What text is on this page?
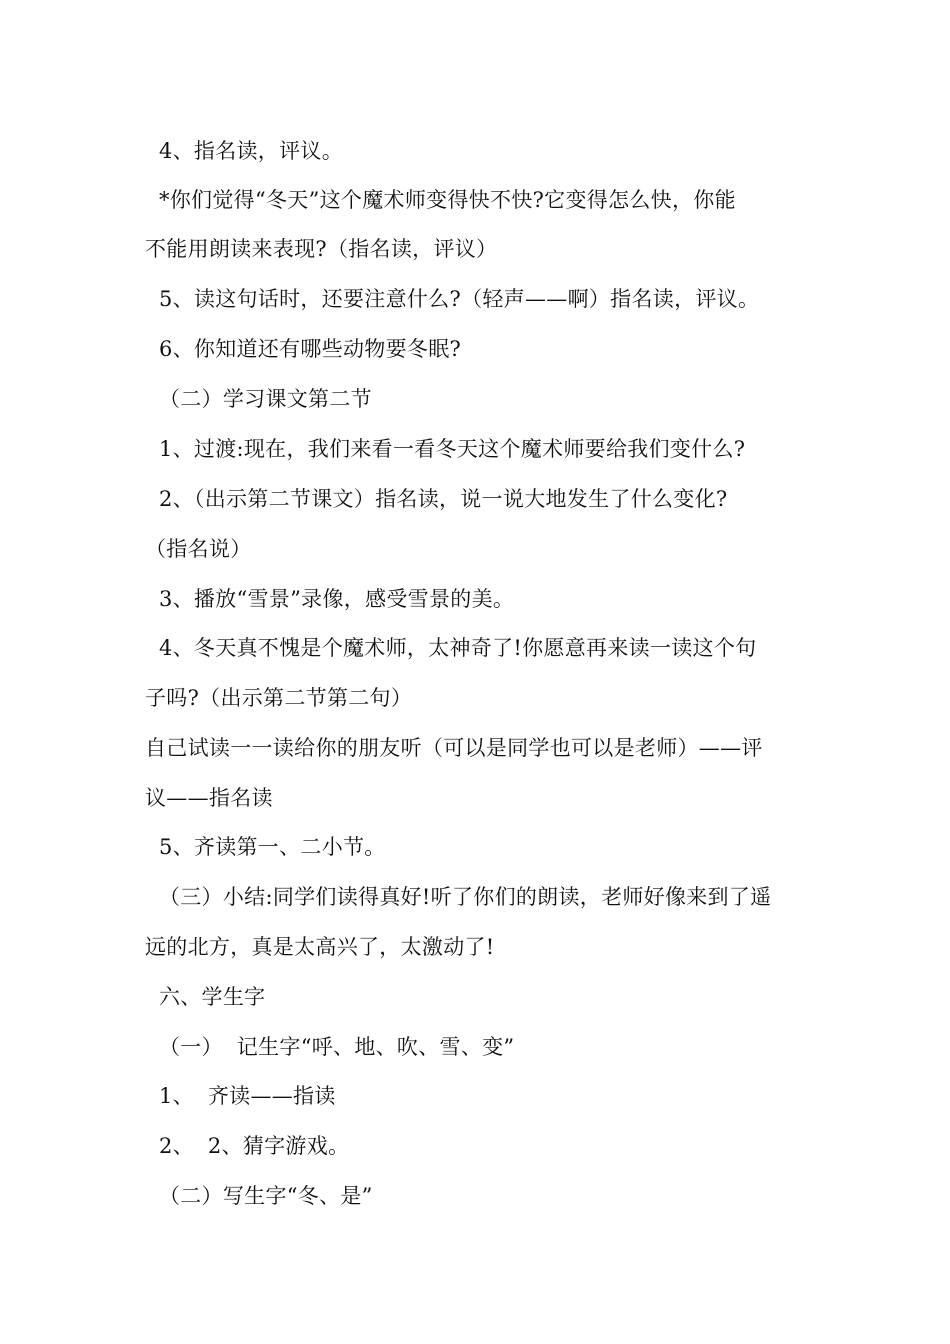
4、指名读，评议。
*你们觉得“冬天”这个魔术师变得快不快?它变得怎么快，你能
不能用朗读来表现?（指名读，评议）
5、读这句话时，还要注意什么?（轻声——啊）指名读，评议。
6、你知道还有哪些动物要冬眠?
（二）学习课文第二节
1、过渡:现在，我们来看一看冬天这个魔术师要给我们变什么?
2、（出示第二节课文）指名读，说一说大地发生了什么变化?
（指名说）
3、播放“雪景”录像，感受雪景的美。
4、冬天真不愧是个魔术师，太神奇了!你愿意再来读一读这个句
子吗?（出示第二节第二句）
自己试读一一读给你的朋友听（可以是同学也可以是老师）——评
议——指名读
5、齐读第一、二小节。
（三）小结:同学们读得真好!听了你们的朗读，老师好像来到了遥
远的北方，真是太高兴了，太激动了!
六、学生字
（一）  记生字“呼、地、吹、雪、变”
1、  齐读——指读
2、  2、猜字游戏。
（二）写生字“冬、是”
